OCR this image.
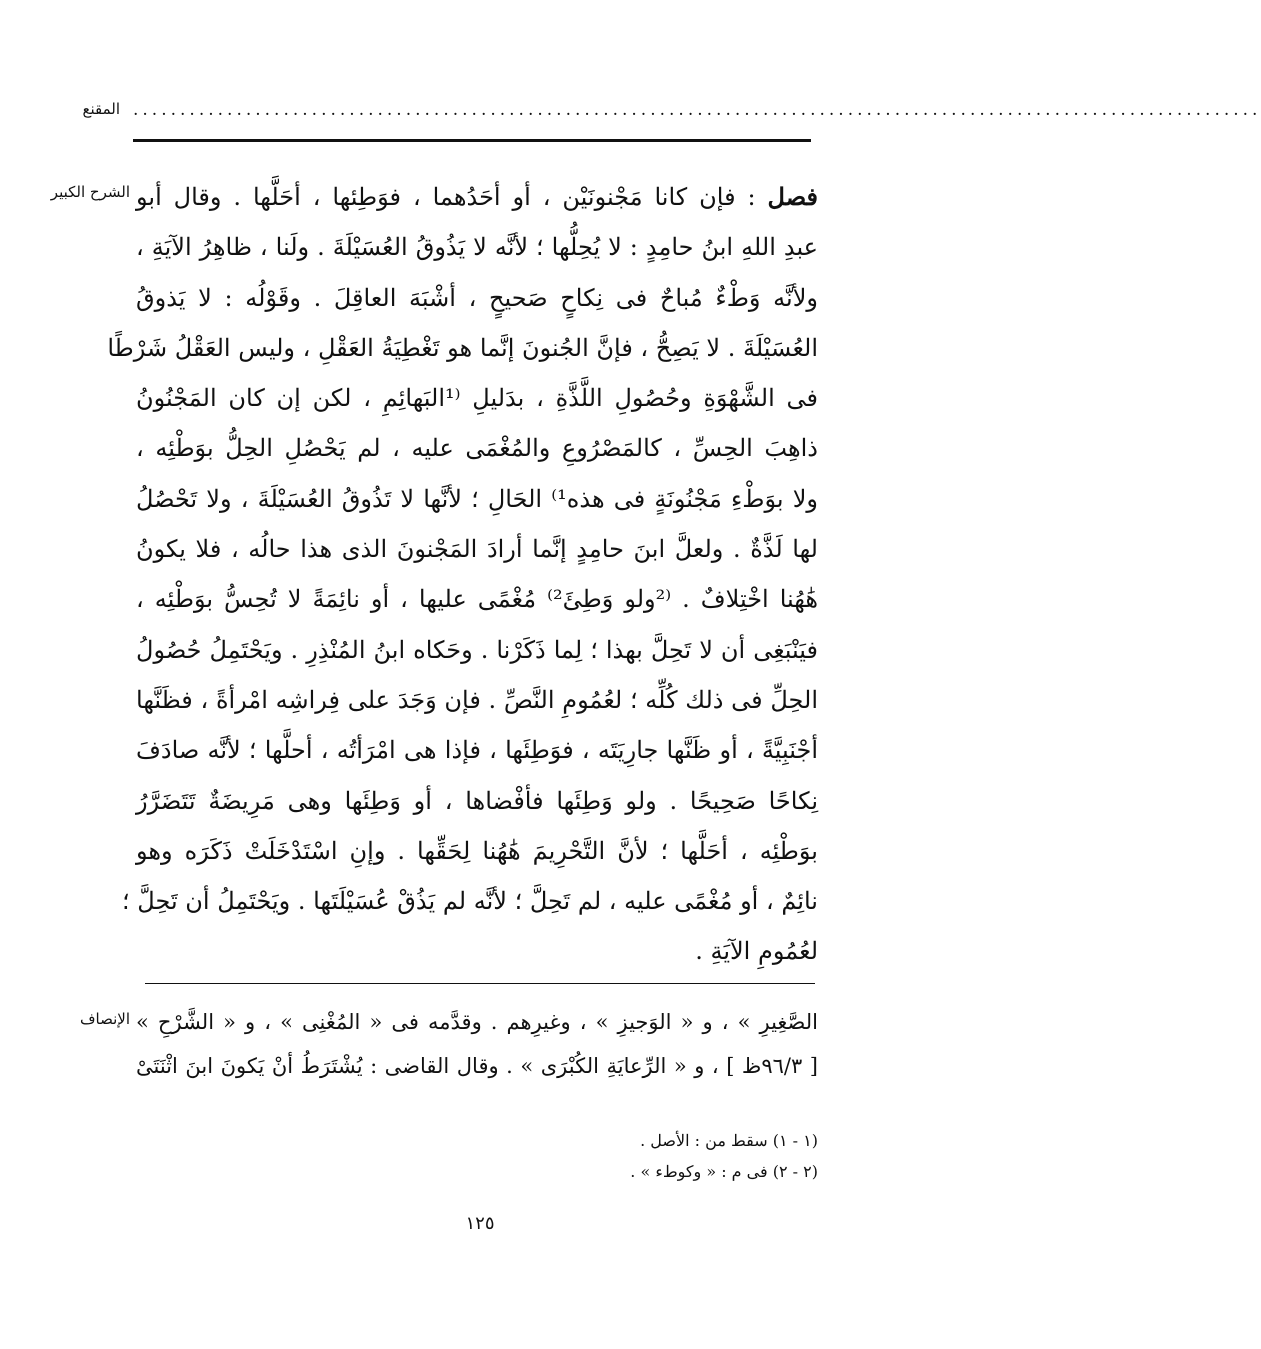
المقنع ........................................................................................................................
الشرح الكبير
الإنصاف
فصل : فإن كانا مَجْنونَيْن ، أو أحَدُهما ، فوَطِئها ، أحَلَّها . وقال أبو
عبدِ اللهِ ابنُ حامِدٍ : لا يُحِلُّها ؛ لأنَّه لا يَذُوقُ العُسَيْلَةَ . ولَنا ، ظاهِرُ الآيَةِ ،
ولأنَّه وَطْءٌ مُباحٌ فى نِكاحٍ صَحيحٍ ، أشْبَهَ العاقِلَ . وقَوْلُه : لا يَذوقُ
العُسَيْلَةَ . لا يَصِحُّ ، فإنَّ الجُنونَ إنَّما هو تَغْطِيَةُ العَقْلِ ، وليس العَقْلُ شَرْطًا
فى الشَّهْوَةِ وحُصُولِ اللَّذَّةِ ، بدَليلِ ⁽¹البَهائِمِ ، لكن إن كان المَجْنُونُ
ذاهِبَ الحِسِّ ، كالمَصْرُوعِ والمُغْمَى عليه ، لم يَحْصُلِ الحِلُّ بوَطْئِه ،
ولا بوَطْءِ مَجْنُونَةٍ فى هذه¹⁾ الحَالِ ؛ لأنَّها لا تَذُوقُ العُسَيْلَةَ ، ولا تَحْصُلُ
لها لَذَّةٌ . ولعلَّ ابنَ حامِدٍ إنَّما أرادَ المَجْنونَ الذى هذا حالُه ، فلا يكونُ
هَٰهُنا اخْتِلافٌ . ⁽²ولو وَطِئَ²⁾ مُغْمًى عليها ، أو نائِمَةً لا تُحِسُّ بوَطْئِه ،
فيَنْبَغِى أن لا تَحِلَّ بهذا ؛ لِما ذَكَرْنا . وحَكاه ابنُ المُنْذِرِ . ويَحْتَمِلُ حُصُولُ
الحِلِّ فى ذلك كُلِّه ؛ لعُمُومِ النَّصِّ . فإن وَجَدَ على فِراشِه امْرأةً ، فظَنَّها
أجْنَبِيَّةً ، أو ظَنَّها جارِيَتَه ، فوَطِئَها ، فإذا هى امْرَأتُه ، أحلَّها ؛ لأنَّه صادَفَ
نِكاحًا صَحِيحًا . ولو وَطِئَها فأفْضاها ، أو وَطِئَها وهى مَرِيضَةٌ تَتَضَرَّرُ
بوَطْئِه ، أحَلَّها ؛ لأنَّ التَّحْرِيمَ هَٰهُنا لِحَقِّها . وإنِ اسْتَدْخَلَتْ ذَكَرَه وهو
نائِمٌ ، أو مُغْمًى عليه ، لم تَحِلَّ ؛ لأنَّه لم يَذُقْ عُسَيْلَتَها . ويَحْتَمِلُ أن تَحِلَّ ؛
لعُمُومِ الآيَةِ .
الصَّغِيرِ » ، و « الوَجيزِ » ، وغيرِهم . وقدَّمه فى « المُغْنِى » ، و « الشَّرْحِ »
[ ٩٦/٣ظ ] ، و « الرِّعايَةِ الكُبْرَى » . وقال القاضى : يُشْتَرَطُ أنْ يَكونَ ابنَ اثْنَتَىْ
(١ - ١) سقط من : الأصل .
(٢ - ٢) فى م : « وكوطء » .
١٢٥
